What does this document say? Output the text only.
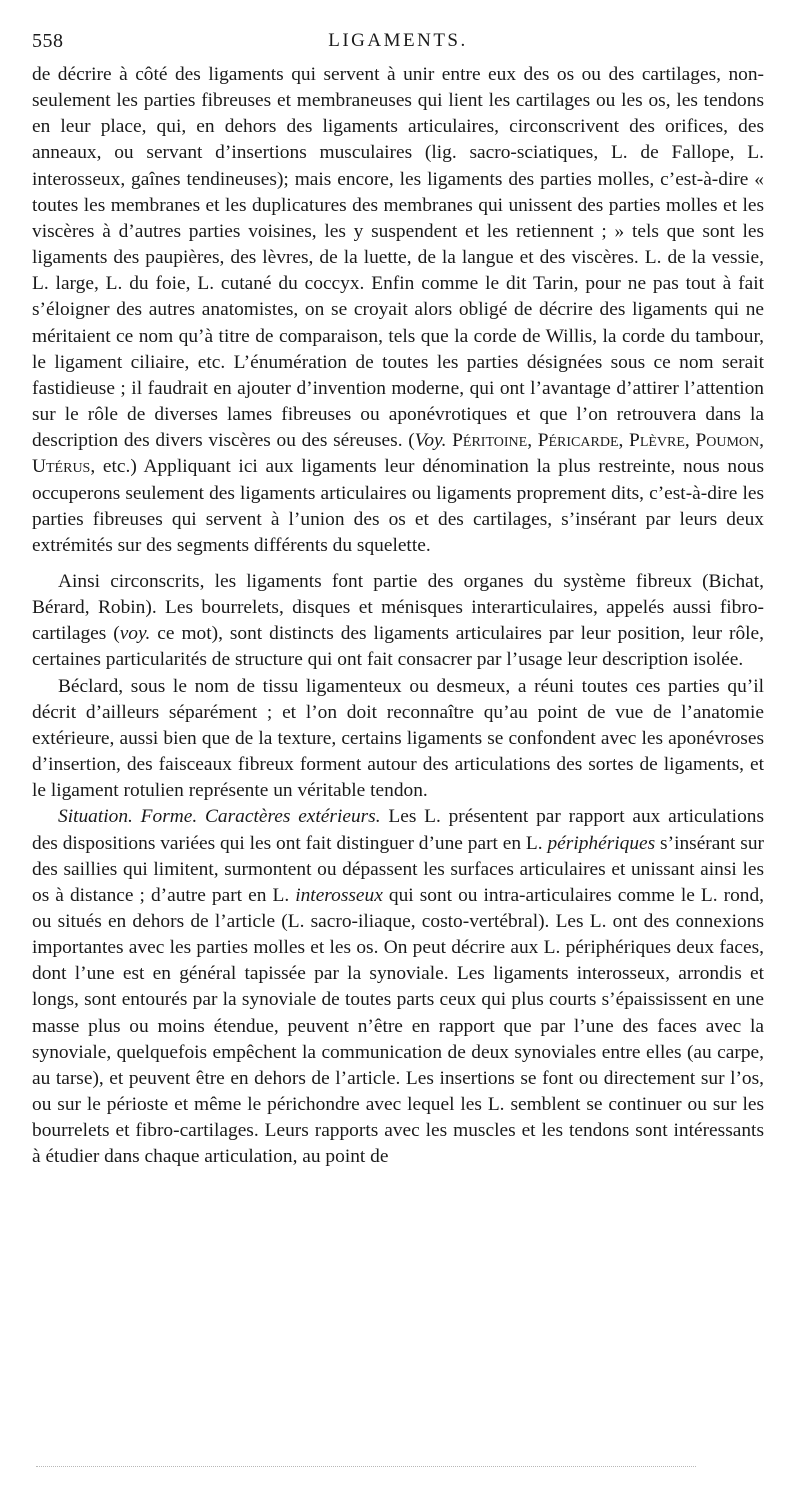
558	LIGAMENTS.

de décrire à côté des ligaments qui servent à unir entre eux des os ou des cartilages, non-seulement les parties fibreuses et membraneuses qui lient les cartilages ou les os, les tendons en leur place, qui, en dehors des ligaments articulaires, circonscrivent des orifices, des anneaux, ou servant d’insertions musculaires (lig. sacro-sciatiques, L. de Fallope, L. interosseux, gaînes tendineuses); mais encore, les ligaments des parties molles, c’est-à-dire « toutes les membranes et les duplicatures des membranes qui unissent des parties molles et les viscères à d’autres parties voisines, les y suspendent et les retiennent ; » tels que sont les ligaments des paupières, des lèvres, de la luette, de la langue et des viscères. L. de la vessie, L. large, L. du foie, L. cutané du coccyx. Enfin comme le dit Tarin, pour ne pas tout à fait s’éloigner des autres anatomistes, on se croyait alors obligé de décrire des ligaments qui ne méritaient ce nom qu’à titre de comparaison, tels que la corde de Willis, la corde du tambour, le ligament ciliaire, etc. L’énumération de toutes les parties désignées sous ce nom serait fastidieuse ; il faudrait en ajouter d’invention moderne, qui ont l’avantage d’attirer l’attention sur le rôle de diverses lames fibreuses ou aponévrotiques et que l’on retrouvera dans la description des divers viscères ou des séreuses. (Voy. Péritoine, Péricarde, Plèvre, Poumon, Utérus, etc.) Appliquant ici aux ligaments leur dénomination la plus restreinte, nous nous occuperons seulement des ligaments articulaires ou ligaments proprement dits, c’est-à-dire les parties fibreuses qui servent à l’union des os et des cartilages, s’insérant par leurs deux extrémités sur des segments différents du squelette.

Ainsi circonscrits, les ligaments font partie des organes du système fibreux (Bichat, Bérard, Robin). Les bourrelets, disques et ménisques interarticulaires, appelés aussi fibro-cartilages (voy. ce mot), sont distincts des ligaments articulaires par leur position, leur rôle, certaines particularités de structure qui ont fait consacrer par l’usage leur description isolée.

Béclard, sous le nom de tissu ligamenteux ou desmeux, a réuni toutes ces parties qu’il décrit d’ailleurs séparément ; et l’on doit reconnaître qu’au point de vue de l’anatomie extérieure, aussi bien que de la texture, certains ligaments se confondent avec les aponévroses d’insertion, des faisceaux fibreux forment autour des articulations des sortes de ligaments, et le ligament rotulien représente un véritable tendon.

Situation. Forme. Caractères extérieurs. Les L. présentent par rapport aux articulations des dispositions variées qui les ont fait distinguer d’une part en L. périphériques s’insérant sur des saillies qui limitent, surmontent ou dépassent les surfaces articulaires et unissant ainsi les os à distance ; d’autre part en L. interosseux qui sont ou intra-articulaires comme le L. rond, ou situés en dehors de l’article (L. sacro-iliaque, costo-vertébral). Les L. ont des connexions importantes avec les parties molles et les os. On peut décrire aux L. périphériques deux faces, dont l’une est en général tapissée par la synoviale. Les ligaments interosseux, arrondis et longs, sont entourés par la synoviale de toutes parts ceux qui plus courts s’épaississent en une masse plus ou moins étendue, peuvent n’être en rapport que par l’une des faces avec la synoviale, quelquefois empêchent la communication de deux synoviales entre elles (au carpe, au tarse), et peuvent être en dehors de l’article. Les insertions se font ou directement sur l’os, ou sur le périoste et même le périchondre avec lequel les L. semblent se continuer ou sur les bourrelets et fibro-cartilages. Leurs rapports avec les muscles et les tendons sont intéressants à étudier dans chaque articulation, au point de
